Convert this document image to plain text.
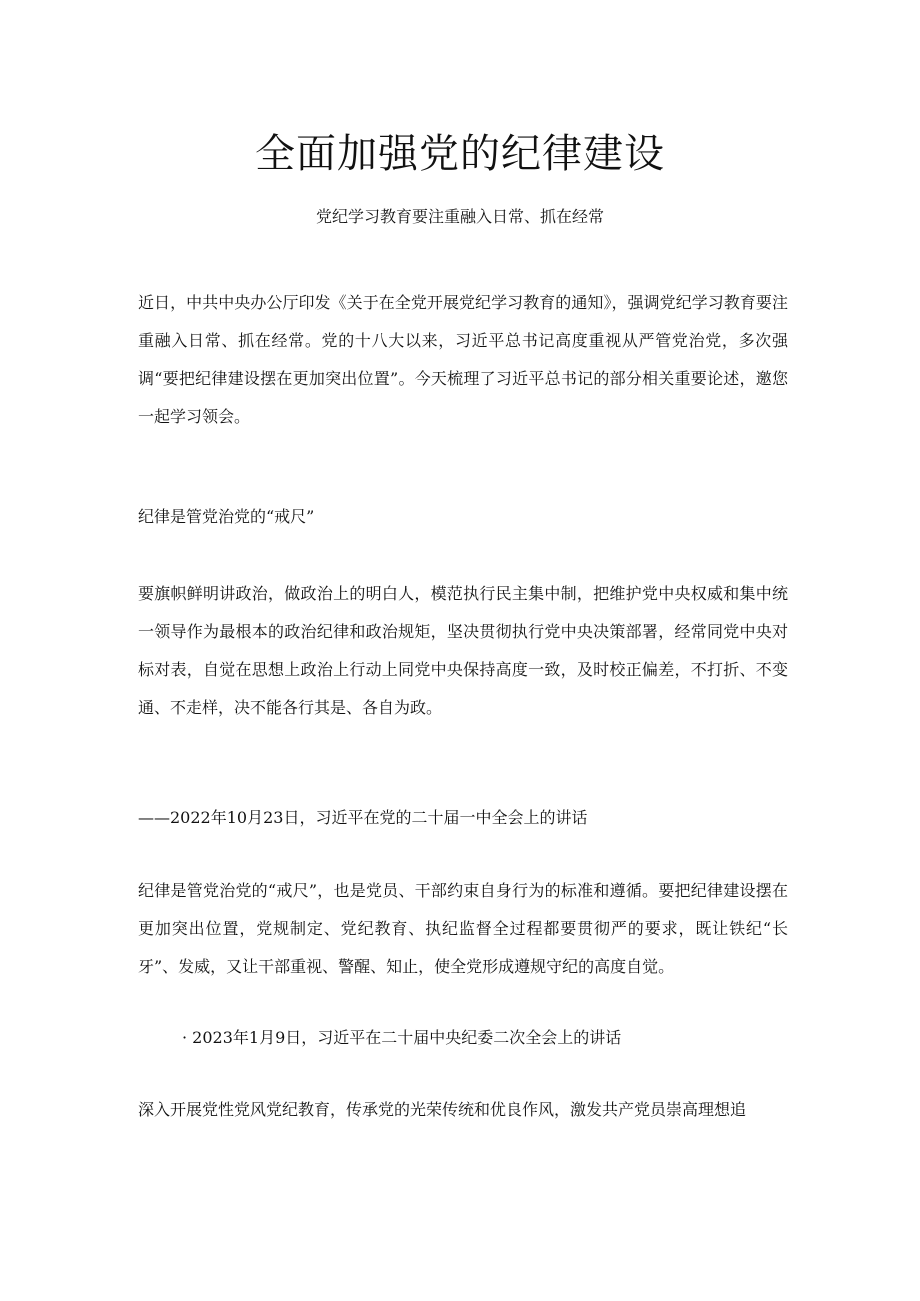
全面加强党的纪律建设

党纪学习教育要注重融入日常、抓在经常

近日，中共中央办公厅印发《关于在全党开展党纪学习教育的通知》，强调党纪学习教育要注重融入日常、抓在经常。党的十八大以来，习近平总书记高度重视从严管党治党，多次强调“要把纪律建设摆在更加突出位置”。今天梳理了习近平总书记的部分相关重要论述，邀您一起学习领会。

纪律是管党治党的“戒尺”

要旗帜鲜明讲政治，做政治上的明白人，模范执行民主集中制，把维护党中央权威和集中统一领导作为最根本的政治纪律和政治规矩，坚决贯彻执行党中央决策部署，经常同党中央对标对表，自觉在思想上政治上行动上同党中央保持高度一致，及时校正偏差，不打折、不变通、不走样，决不能各行其是、各自为政。

——2022年10月23日，习近平在党的二十届一中全会上的讲话

纪律是管党治党的“戒尺”，也是党员、干部约束自身行为的标准和遵循。要把纪律建设摆在更加突出位置，党规制定、党纪教育、执纪监督全过程都要贯彻严的要求，既让铁纪“长牙”、发威，又让干部重视、警醒、知止，使全党形成遵规守纪的高度自觉。

· 2023年1月9日，习近平在二十届中央纪委二次全会上的讲话

深入开展党性党风党纪教育，传承党的光荣传统和优良作风，激发共产党员崇高理想追
